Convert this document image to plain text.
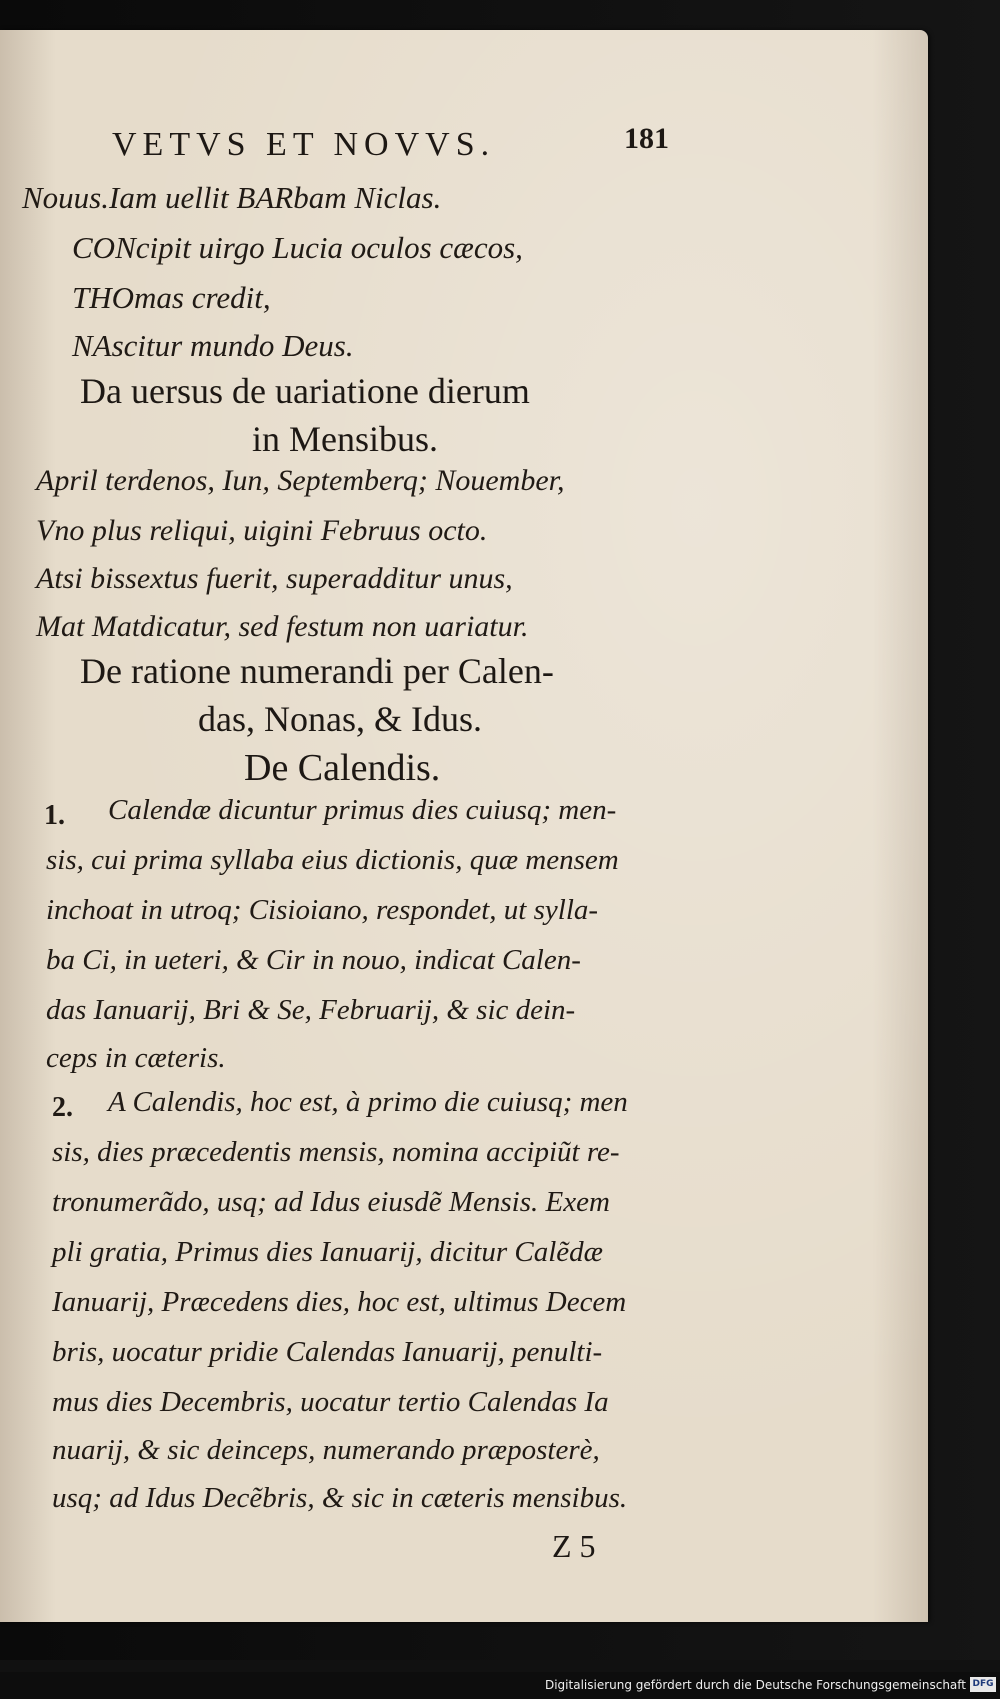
VETVS ET NOVVS.	181
Nouus.Iam uellit BARbam Niclas.
CONcipit uirgo Lucia oculos cæcos,
THOmas credit,
NAscitur mundo Deus.
Da uersus de uariatione dierum
in Mensibus.
April terdenos, Iun, Septemberq; Nouember,
Vno plus reliqui, uigini Februus octo.
Atsi bissextus fuerit, superadditur unus,
Mat Matdicatur, sed festum non uariatur.
De ratione numerandi per Calen-
das, Nonas, & Idus.
De Calendis.
1. Calendæ dicuntur primus dies cuiusq; men-
sis, cui prima syllaba eius dictionis, quæ mensem
inchoat in utroq; Cisioiano, respondet, ut sylla-
ba Ci, in ueteri, & Cir in nouo, indicat Calen-
das Ianuarij, Bri & Se, Februarij, & sic dein-
ceps in cæteris.
2. A Calendis, hoc est, à primo die cuiusq; men
sis, dies præcedentis mensis, nomina accipiũt re-
tronumerãdo, usq; ad Idus eiusdẽ Mensis. Exem
pli gratia, Primus dies Ianuarij, dicitur Calẽdæ
Ianuarij, Præcedens dies, hoc est, ultimus Decem
bris, uocatur pridie Calendas Ianuarij, penulti-
mus dies Decembris, uocatur tertio Calendas Ia
nuarij, & sic deinceps, numerando præposterè,
usq; ad Idus Decẽbris, & sic in cæteris mensibus.
Z 5
Digitalisierung gefördert durch die Deutsche Forschungsgemeinschaft DFG
